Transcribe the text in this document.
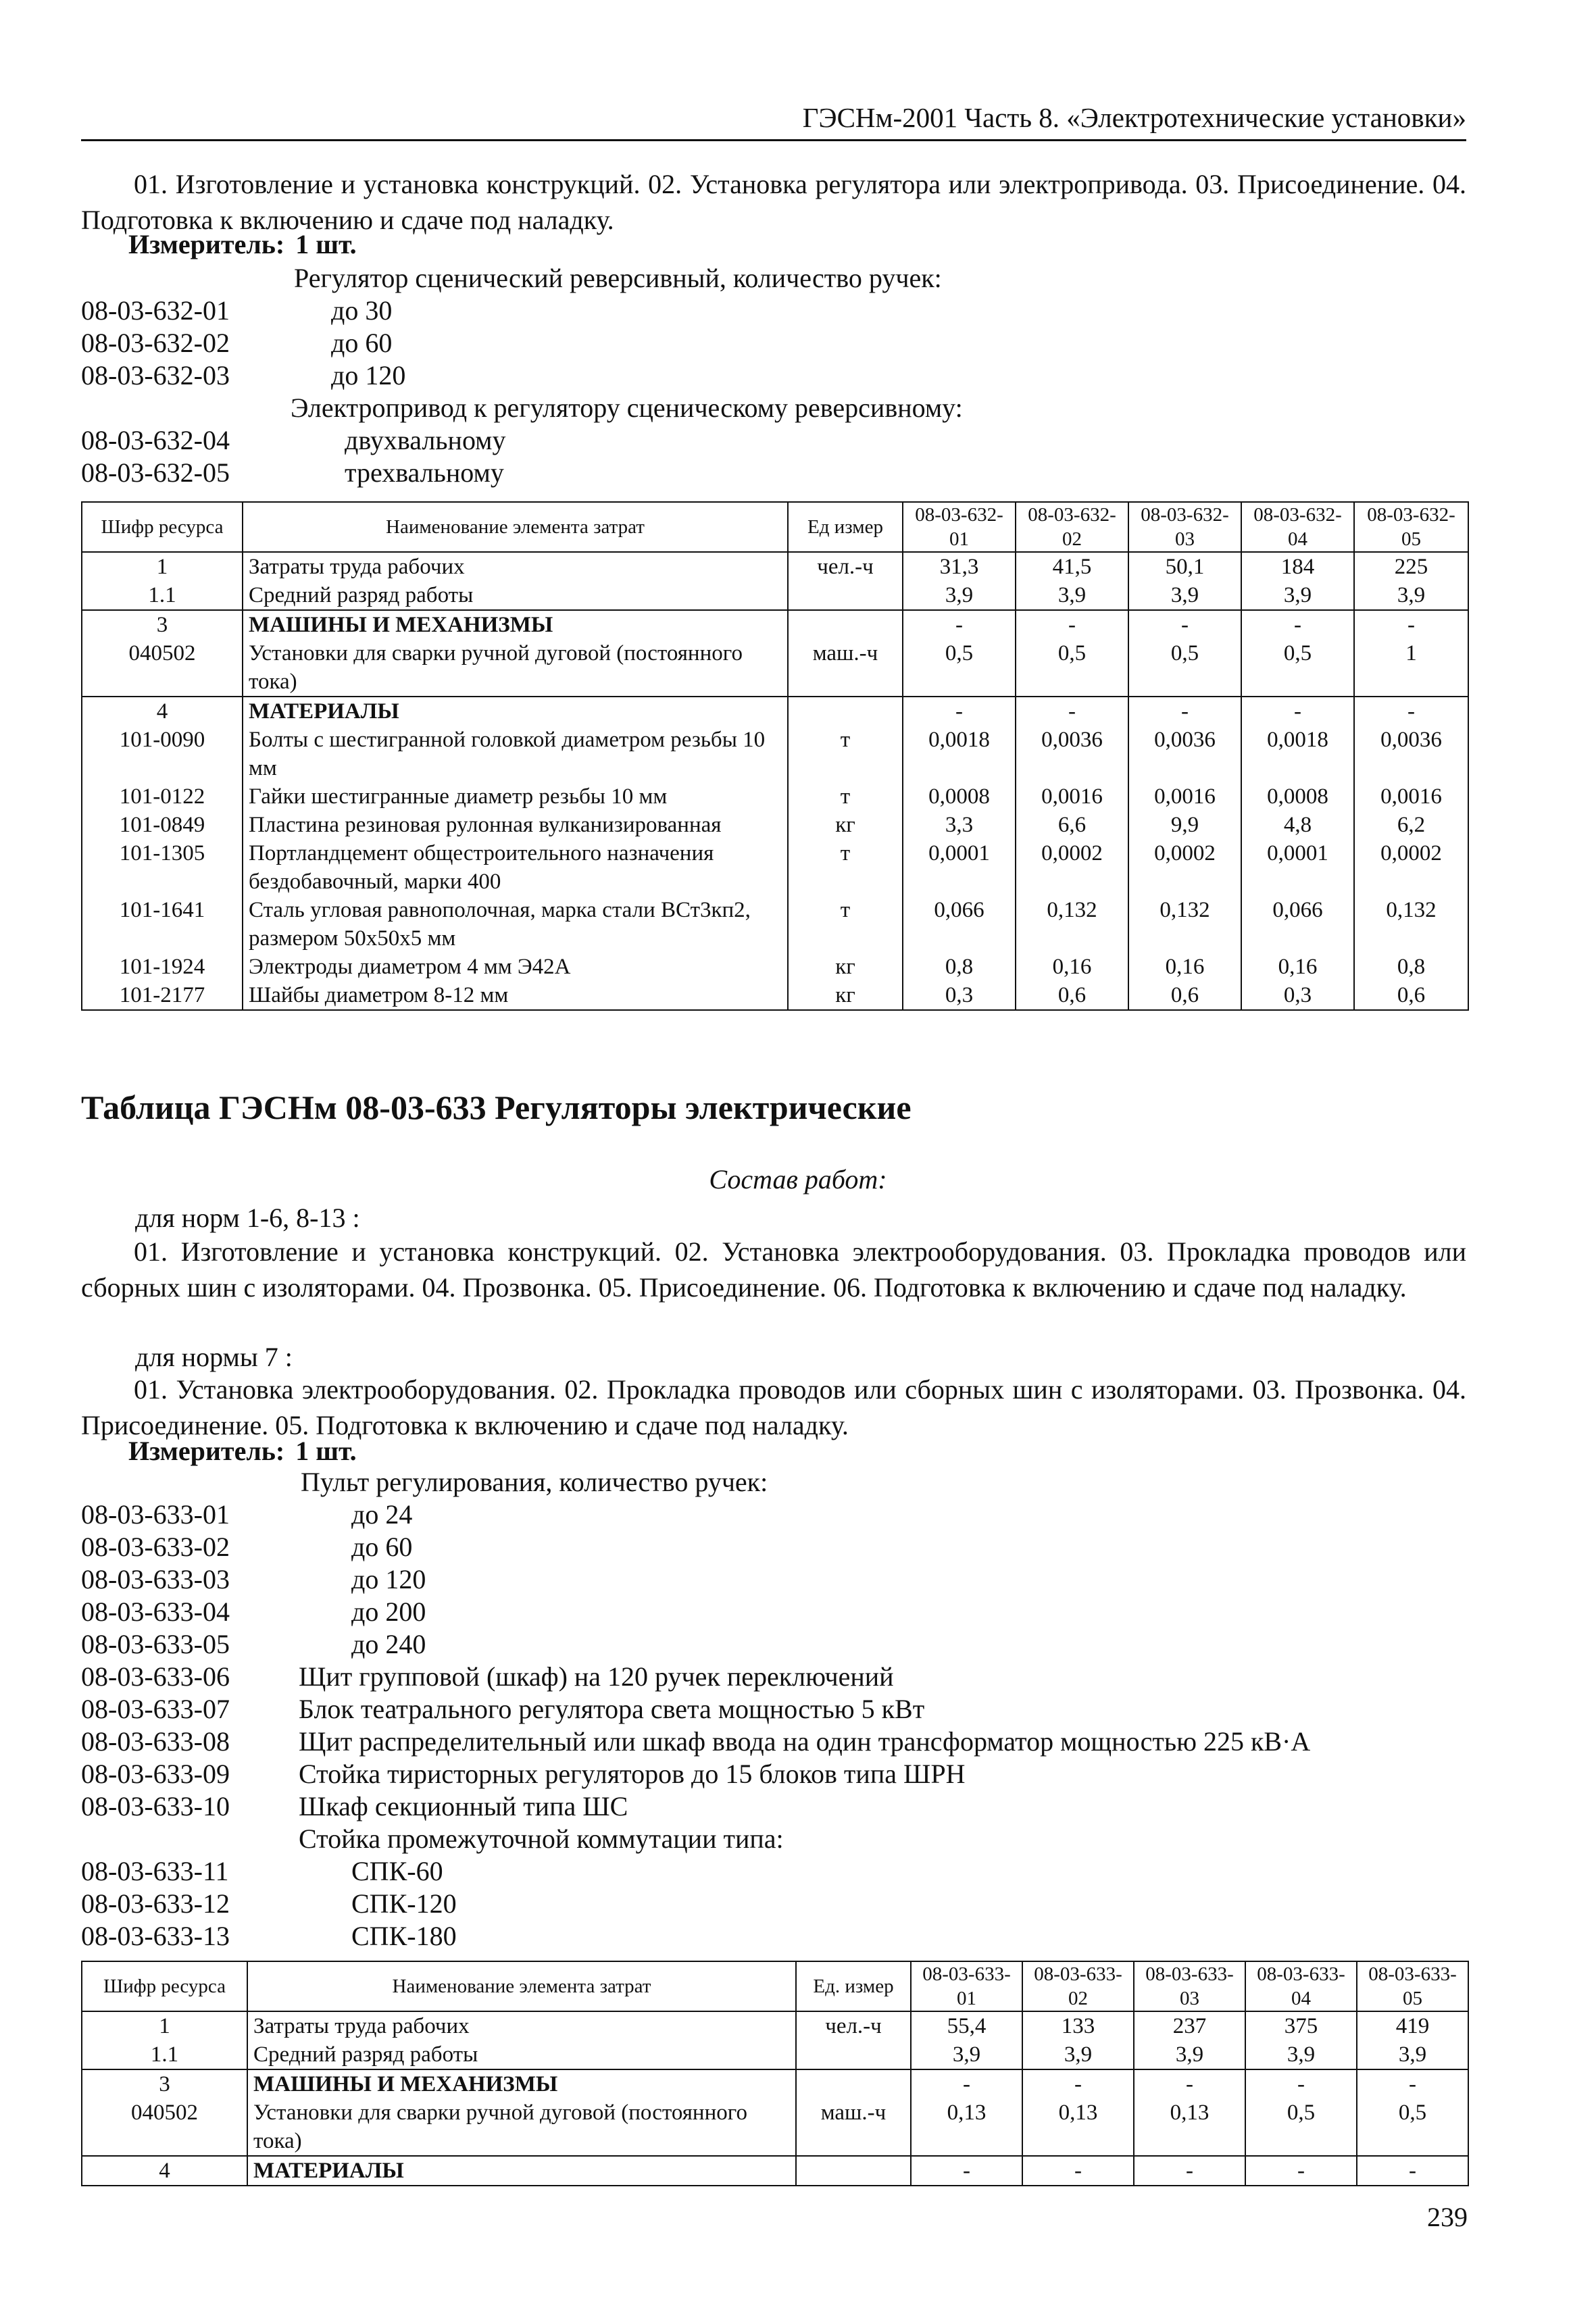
ГЭСНм-2001 Часть 8. «Электротехнические установки»
01. Изготовление и установка конструкций. 02. Установка регулятора или электропривода. 03. Присоединение. 04. Подготовка к включению и сдаче под наладку.
Измеритель: 1 шт.
Регулятор сценический реверсивный, количество ручек:
08-03-632-01	до 30
08-03-632-02	до 60
08-03-632-03	до 120
Электропривод к регулятору сценическому реверсивному:
08-03-632-04	двухвальному
08-03-632-05	трехвальному
Шифр ресурса	Наименование элемента затрат	Ед измер	08-03-632-01	08-03-632-02	08-03-632-03	08-03-632-04	08-03-632-05
1	Затраты труда рабочих	чел.-ч	31,3	41,5	50,1	184	225
1.1	Средний разряд работы		3,9	3,9	3,9	3,9	3,9
3	МАШИНЫ И МЕХАНИЗМЫ		-	-	-	-	-
040502	Установки для сварки ручной дуговой (постоянного тока)	маш.-ч	0,5	0,5	0,5	0,5	1
4	МАТЕРИАЛЫ		-	-	-	-	-
101-0090	Болты с шестигранной головкой диаметром резьбы 10 мм	т	0,0018	0,0036	0,0036	0,0018	0,0036
101-0122	Гайки шестигранные диаметр резьбы 10 мм	т	0,0008	0,0016	0,0016	0,0008	0,0016
101-0849	Пластина резиновая рулонная вулканизированная	кг	3,3	6,6	9,9	4,8	6,2
101-1305	Портландцемент общестроительного назначения бездобавочный, марки 400	т	0,0001	0,0002	0,0002	0,0001	0,0002
101-1641	Сталь угловая равнополочная, марка стали ВСт3кп2, размером 50х50х5 мм	т	0,066	0,132	0,132	0,066	0,132
101-1924	Электроды диаметром 4 мм Э42А	кг	0,8	0,16	0,16	0,16	0,8
101-2177	Шайбы диаметром 8-12 мм	кг	0,3	0,6	0,6	0,3	0,6
Таблица ГЭСНм 08-03-633 Регуляторы электрические
Состав работ:
для норм 1-6, 8-13 :
01. Изготовление и установка конструкций. 02. Установка электрооборудования. 03. Прокладка проводов или сборных шин с изоляторами. 04. Прозвонка. 05. Присоединение. 06. Подготовка к включению и сдаче под наладку.
для нормы 7 :
01. Установка электрооборудования. 02. Прокладка проводов или сборных шин с изоляторами. 03. Прозвонка. 04. Присоединение. 05. Подготовка к включению и сдаче под наладку.
Измеритель: 1 шт.
Пульт регулирования, количество ручек:
08-03-633-01	до 24
08-03-633-02	до 60
08-03-633-03	до 120
08-03-633-04	до 200
08-03-633-05	до 240
08-03-633-06	Щит групповой (шкаф) на 120 ручек переключений
08-03-633-07	Блок театрального регулятора света мощностью 5 кВт
08-03-633-08	Щит распределительный или шкаф ввода на один трансформатор мощностью 225 кВ·А
08-03-633-09	Стойка тиристорных регуляторов до 15 блоков типа ШРН
08-03-633-10	Шкаф секционный типа ШС
Стойка промежуточной коммутации типа:
08-03-633-11	СПК-60
08-03-633-12	СПК-120
08-03-633-13	СПК-180
Шифр ресурса	Наименование элемента затрат	Ед. измер	08-03-633-01	08-03-633-02	08-03-633-03	08-03-633-04	08-03-633-05
1	Затраты труда рабочих	чел.-ч	55,4	133	237	375	419
1.1	Средний разряд работы		3,9	3,9	3,9	3,9	3,9
3	МАШИНЫ И МЕХАНИЗМЫ		-	-	-	-	-
040502	Установки для сварки ручной дуговой (постоянного тока)	маш.-ч	0,13	0,13	0,13	0,5	0,5
4	МАТЕРИАЛЫ		-	-	-	-	-
239
